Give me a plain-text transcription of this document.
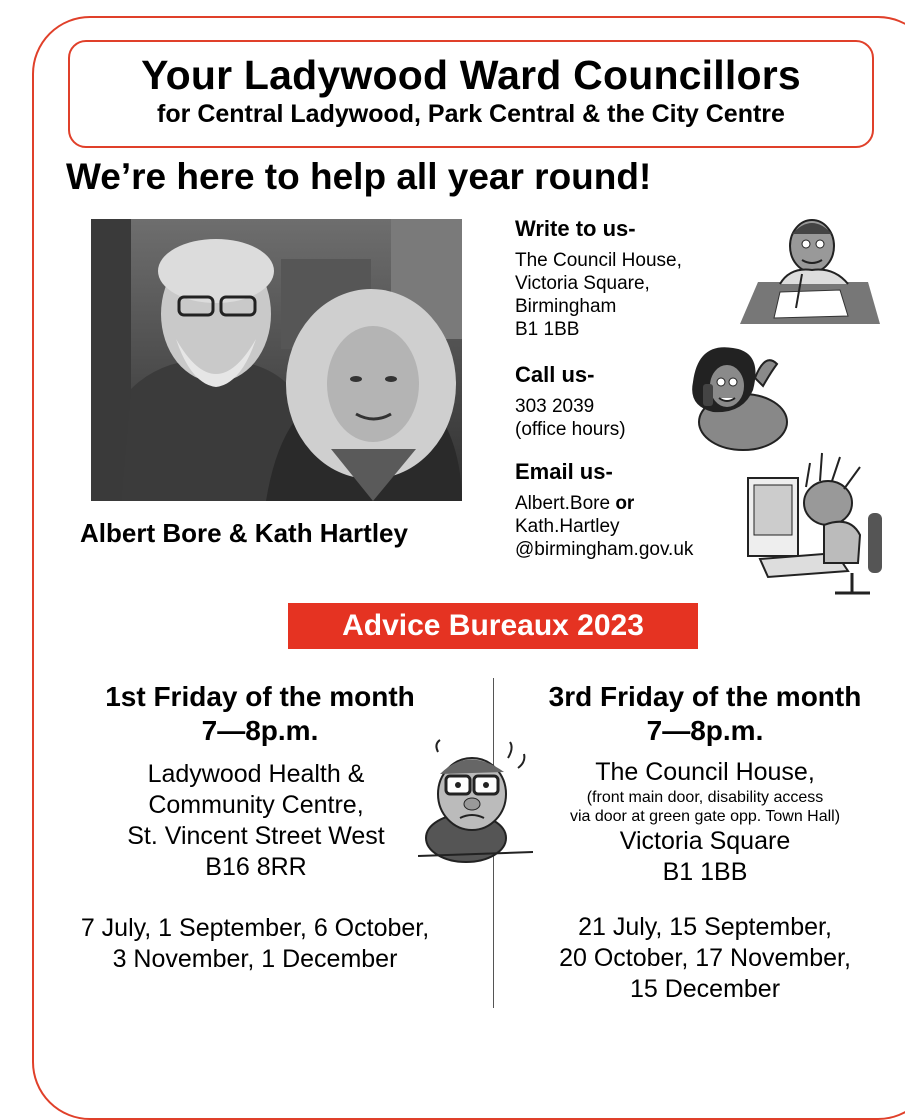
Your Ladywood Ward Councillors
for Central Ladywood, Park Central & the City Centre
We’re here to help all year round!
Albert Bore & Kath Hartley
Write to us-
The Council House,
Victoria Square,
Birmingham
B1 1BB
Call us-
303 2039
(office hours)
Email us-
Albert.Bore or
Kath.Hartley
@birmingham.gov.uk
Advice Bureaux 2023
1st Friday of the month
7—8p.m.
Ladywood Health &
Community Centre,
St. Vincent Street West
B16 8RR
7 July, 1 September, 6 October,
3 November, 1 December
3rd Friday of the month
7—8p.m.
The Council House,
(front main door, disability access
via door at green gate opp. Town Hall)
Victoria Square
B1 1BB
21 July, 15 September,
20 October, 17 November,
15 December
